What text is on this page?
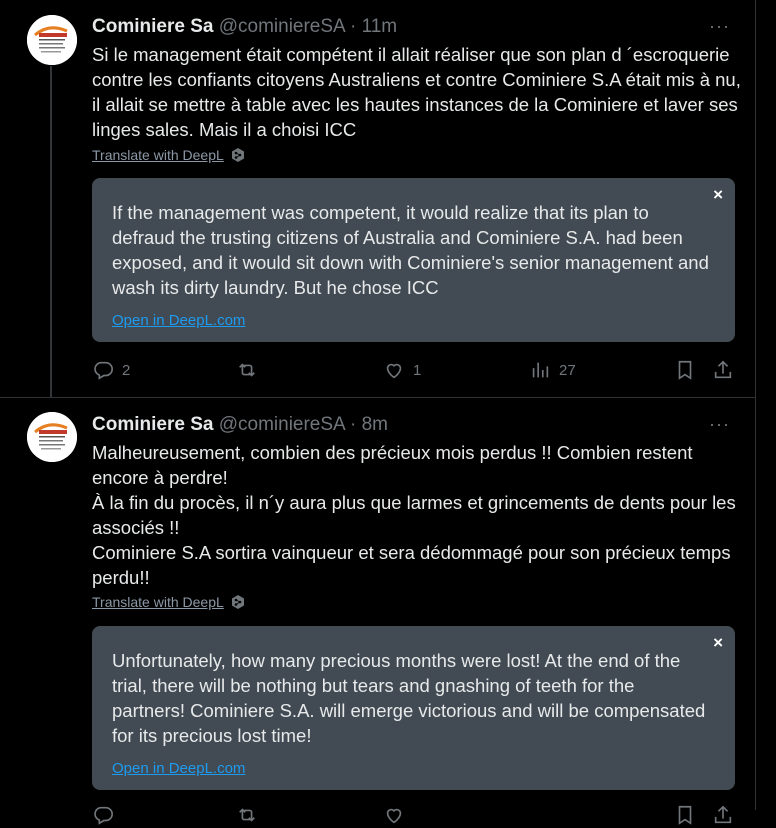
Cominiere Sa @cominiereSA · 11m	···
Si le management était compétent il allait réaliser que son plan d ´escroquerie contre les confiants citoyens Australiens et contre Cominiere S.A était mis à nu, il allait se mettre à table avec les hautes instances de la Cominiere et laver ses linges sales. Mais il a choisi ICC
Translate with DeepL
×
If the management was competent, it would realize that its plan to defraud the trusting citizens of Australia and Cominiere S.A. had been exposed, and it would sit down with Cominiere's senior management and wash its dirty laundry. But he chose ICC
Open in DeepL.com
2	1	27
Cominiere Sa @cominiereSA · 8m	···
Malheureusement, combien des précieux mois perdus !! Combien restent encore à perdre!
À la fin du procès, il n´y aura plus que larmes et grincements de dents pour les associés !!
Cominiere S.A sortira vainqueur et sera dédommagé pour son précieux temps perdu!!
Translate with DeepL
×
Unfortunately, how many precious months were lost! At the end of the trial, there will be nothing but tears and gnashing of teeth for the partners! Cominiere S.A. will emerge victorious and will be compensated for its precious lost time!
Open in DeepL.com
